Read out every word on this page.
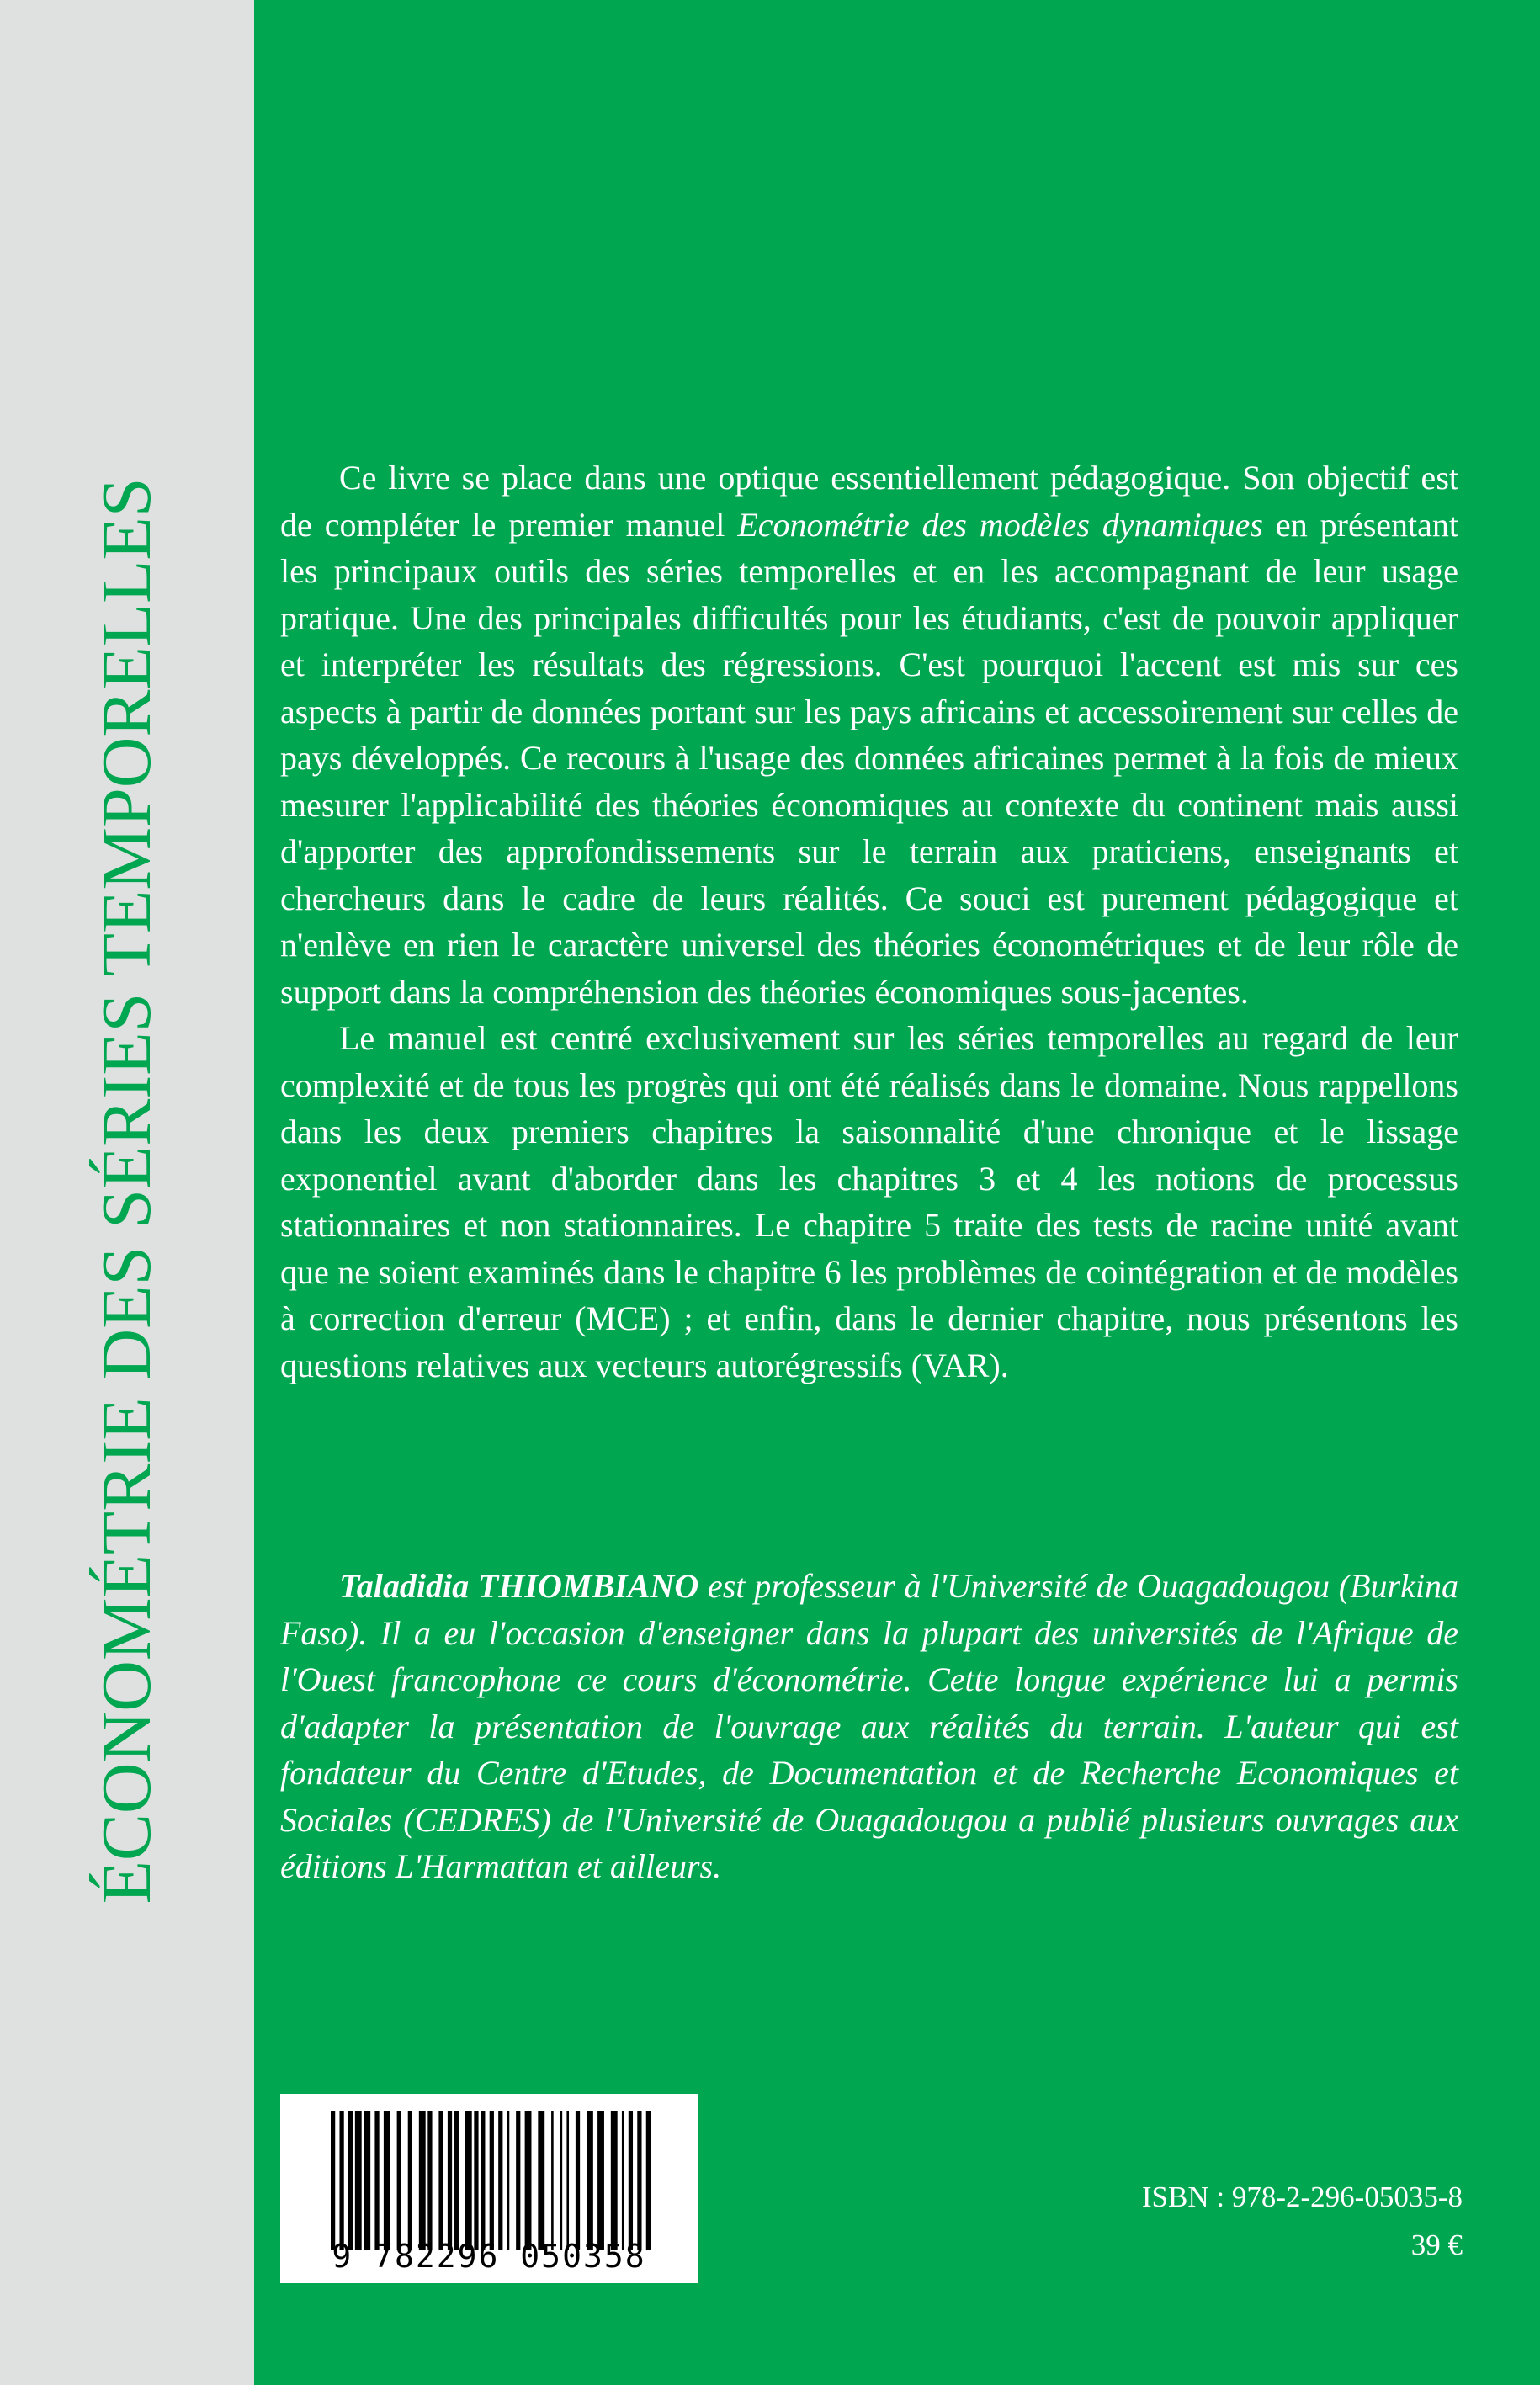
ÉCONOMÉTRIE DES SÉRIES TEMPORELLES

Ce livre se place dans une optique essentiellement pédagogique. Son objectif est de compléter le premier manuel Econométrie des modèles dynamiques en présentant les principaux outils des séries temporelles et en les accompagnant de leur usage pratique. Une des principales difficultés pour les étudiants, c'est de pouvoir appliquer et interpréter les résultats des régressions. C'est pourquoi l'accent est mis sur ces aspects à partir de données portant sur les pays africains et accessoirement sur celles de pays développés. Ce recours à l'usage des données africaines permet à la fois de mieux mesurer l'applicabilité des théories économiques au contexte du continent mais aussi d'apporter des approfondissements sur le terrain aux praticiens, enseignants et chercheurs dans le cadre de leurs réalités. Ce souci est purement pédagogique et n'enlève en rien le caractère universel des théories économétriques et de leur rôle de support dans la compréhension des théories économiques sous-jacentes.

Le manuel est centré exclusivement sur les séries temporelles au regard de leur complexité et de tous les progrès qui ont été réalisés dans le domaine. Nous rappellons dans les deux premiers chapitres la saisonnalité d'une chronique et le lissage exponentiel avant d'aborder dans les chapitres 3 et 4 les notions de processus stationnaires et non stationnaires. Le chapitre 5 traite des tests de racine unité avant que ne soient examinés dans le chapitre 6 les problèmes de cointégration et de modèles à correction d'erreur (MCE) ; et enfin, dans le dernier chapitre, nous présentons les questions relatives aux vecteurs autorégressifs (VAR).

Taladidia THIOMBIANO est professeur à l'Université de Ouagadougou (Burkina Faso). Il a eu l'occasion d'enseigner dans la plupart des universités de l'Afrique de l'Ouest francophone ce cours d'économétrie. Cette longue expérience lui a permis d'adapter la présentation de l'ouvrage aux réalités du terrain. L'auteur qui est fondateur du Centre d'Etudes, de Documentation et de Recherche Economiques et Sociales (CEDRES) de l'Université de Ouagadougou a publié plusieurs ouvrages aux éditions L'Harmattan et ailleurs.

9 782296 050358
ISBN : 978-2-296-05035-8
39 €
